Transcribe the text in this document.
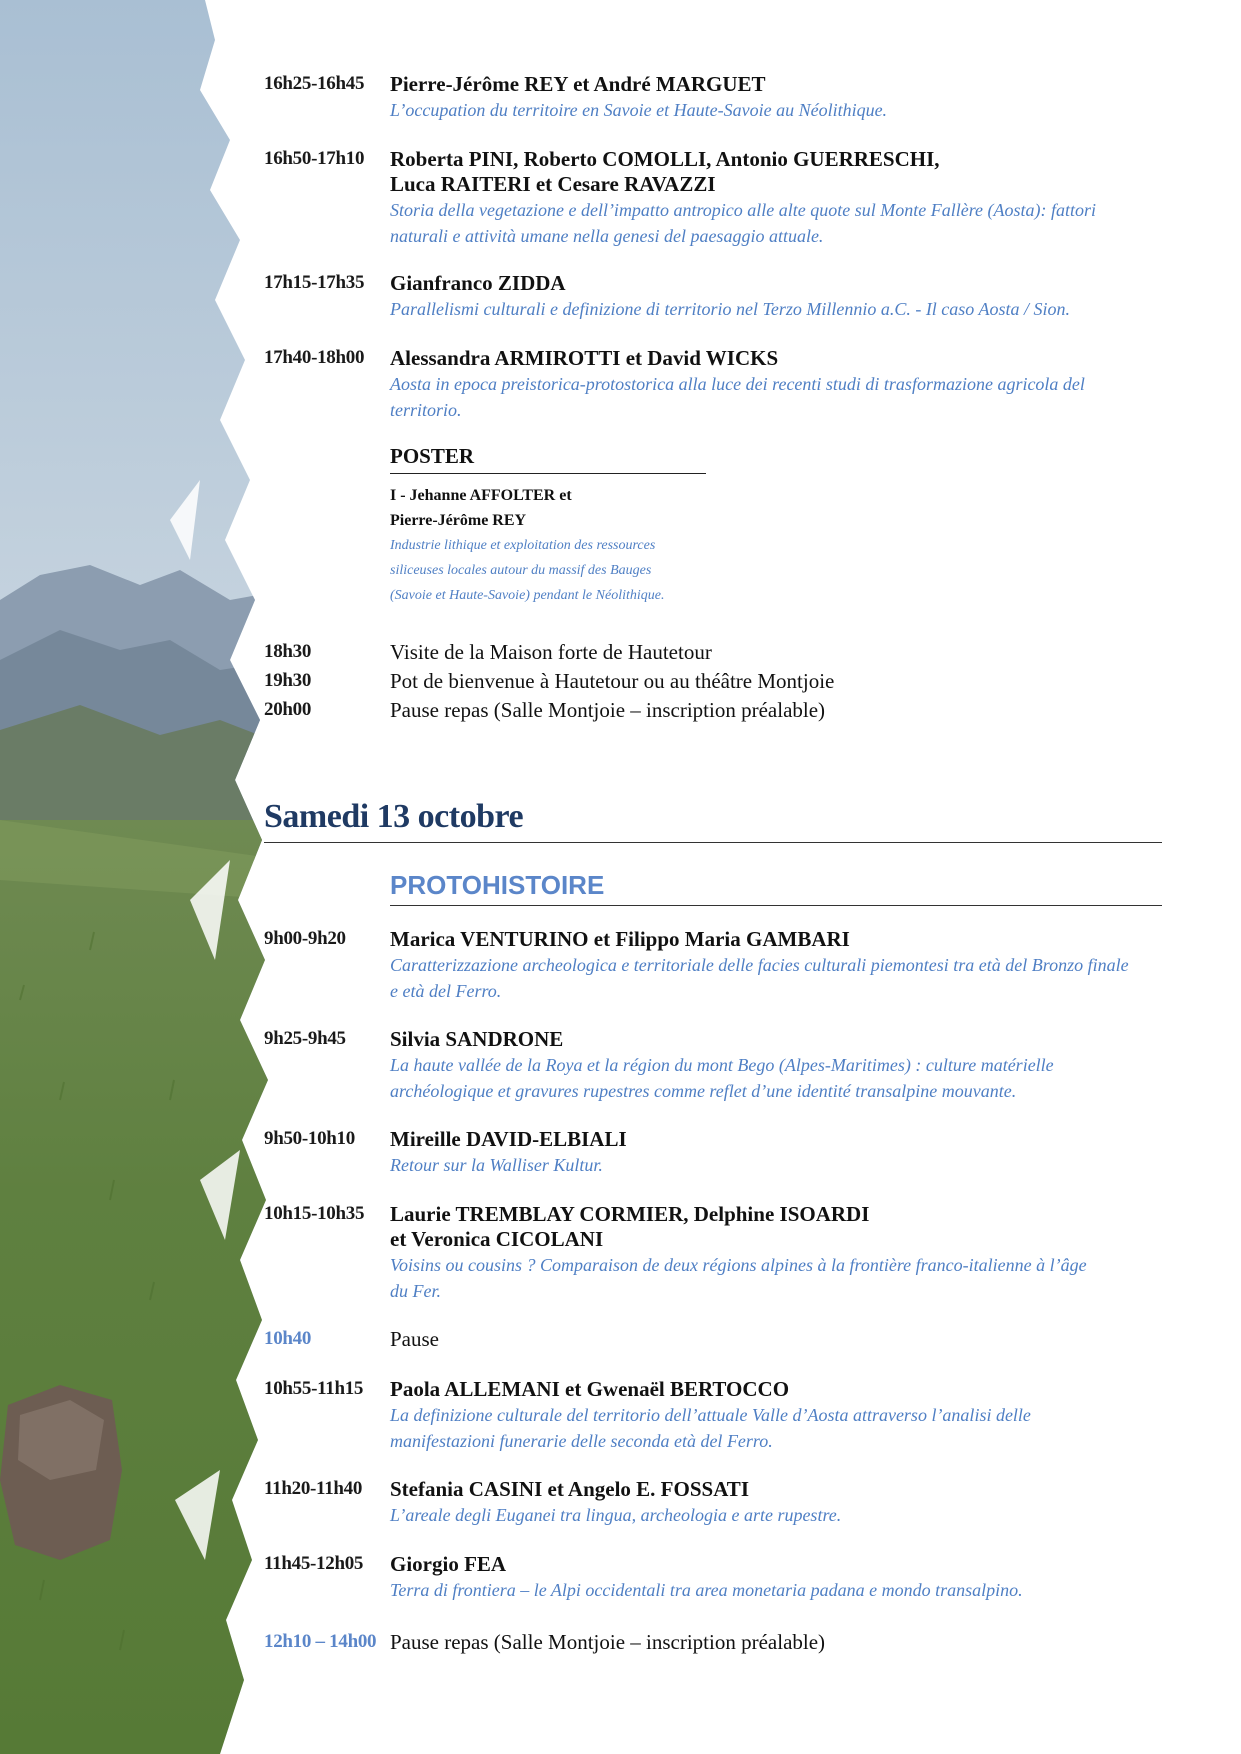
16h25-16h45	Pierre-Jérôme REY et André MARGUET
L’occupation du territoire en Savoie et Haute-Savoie au Néolithique.
16h50-17h10	Roberta PINI, Roberto COMOLLI, Antonio GUERRESCHI,
Luca RAITERI et Cesare RAVAZZI
Storia della vegetazione e dell’impatto antropico alle alte quote sul Monte Fallère (Aosta): fattori
naturali e attività umane nella genesi del paesaggio attuale.
17h15-17h35	Gianfranco ZIDDA
Parallelismi culturali e definizione di territorio nel Terzo Millennio a.C. - Il caso Aosta / Sion.
17h40-18h00	Alessandra ARMIROTTI et David WICKS
Aosta in epoca preistorica-protostorica alla luce dei recenti studi di trasformazione agricola del
territorio.
POSTER
I - Jehanne AFFOLTER et
Pierre-Jérôme REY
Industrie lithique et exploitation des ressources
siliceuses locales autour du massif des Bauges
(Savoie et Haute-Savoie) pendant le Néolithique.
18h30	Visite de la Maison forte de Hautetour
19h30	Pot de bienvenue à Hautetour ou au théâtre Montjoie
20h00	Pause repas (Salle Montjoie – inscription préalable)
Samedi 13 octobre
PROTOHISTOIRE
9h00-9h20	Marica VENTURINO et Filippo Maria GAMBARI
Caratterizzazione archeologica e territoriale delle facies culturali piemontesi tra età del Bronzo finale
e età del Ferro.
9h25-9h45	Silvia SANDRONE
La haute vallée de la Roya et la région du mont Bego (Alpes-Maritimes) : culture matérielle
archéologique et gravures rupestres comme reflet d’une identité transalpine mouvante.
9h50-10h10	Mireille DAVID-ELBIALI
Retour sur la Walliser Kultur.
10h15-10h35	Laurie TREMBLAY CORMIER, Delphine ISOARDI
et Veronica CICOLANI
Voisins ou cousins ? Comparaison de deux régions alpines à la frontière franco-italienne à l’âge
du Fer.
10h40	Pause
10h55-11h15	Paola ALLEMANI et Gwenaël BERTOCCO
La definizione culturale del territorio dell’attuale Valle d’Aosta attraverso l’analisi delle
manifestazioni funerarie delle seconda età del Ferro.
11h20-11h40	Stefania CASINI et Angelo E. FOSSATI
L’areale degli Euganei tra lingua, archeologia e arte rupestre.
11h45-12h05	Giorgio FEA
Terra di frontiera – le Alpi occidentali tra area monetaria padana e mondo transalpino.
12h10 – 14h00 Pause repas (Salle Montjoie – inscription préalable)
